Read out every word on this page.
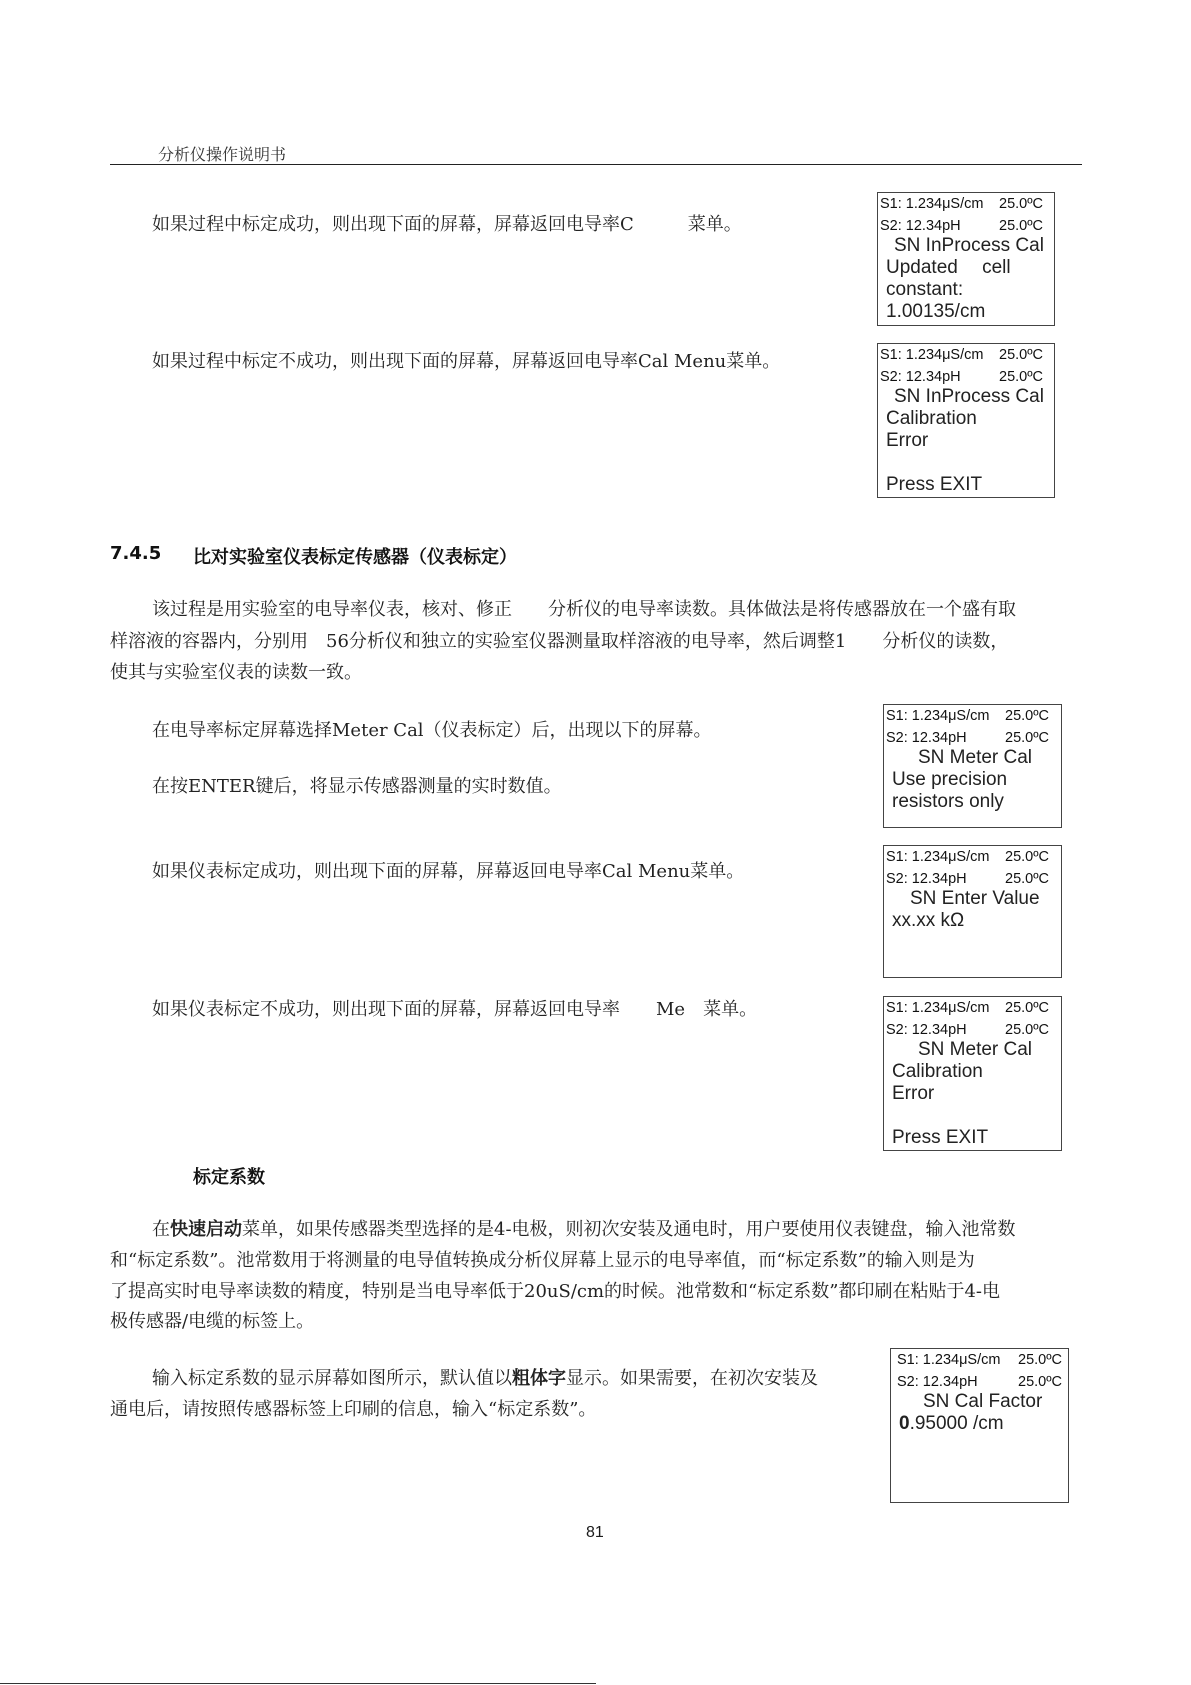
分析仪操作说明书
如果过程中标定成功，则出现下面的屏幕，屏幕返回电导率C　　　菜单。
S1: 1.234μS/cm 25.0ºC
S2: 12.34pH	25.0ºC
SN InProcess Cal
Updated　 cell
constant:
1.00135/cm
如果过程中标定不成功，则出现下面的屏幕，屏幕返回电导率Cal Menu菜单。	S1: 1.234μS/cm 25.0ºC
S2: 12.34pH	25.0ºC
SN InProcess Cal
Calibration
Error
Press EXIT
7.4.5 比对实验室仪表标定传感器（仪表标定）
该过程是用实验室的电导率仪表，核对、修正　　分析仪的电导率读数。具体做法是将传感器放在一个盛有取
样溶液的容器内，分别用　56分析仪和独立的实验室仪器测量取样溶液的电导率，然后调整1　　分析仪的读数，
使其与实验室仪表的读数一致。
在电导率标定屏幕选择Meter Cal（仪表标定）后，出现以下的屏幕。
在按ENTER键后，将显示传感器测量的实时数值。
S1: 1.234μS/cm 25.0ºC
S2: 12.34pH	25.0ºC
SN Meter Cal
Use precision
resistors only
如果仪表标定成功，则出现下面的屏幕，屏幕返回电导率Cal Menu菜单。
S1: 1.234μS/cm 25.0ºC
S2: 12.34pH	25.0ºC
SN Enter Value
xx.xx kΩ
如果仪表标定不成功，则出现下面的屏幕，屏幕返回电导率　　Me　菜单。	S1: 1.234μS/cm 25.0ºC
S2: 12.34pH	25.0ºC
SN Meter Cal
Calibration
Error
Press EXIT
标定系数
在快速启动菜单，如果传感器类型选择的是4-电极，则初次安装及通电时，用户要使用仪表键盘，输入池常数
和“标定系数”。池常数用于将测量的电导值转换成分析仪屏幕上显示的电导率值，而“标定系数”的输入则是为
了提高实时电导率读数的精度，特别是当电导率低于20uS/cm的时候。池常数和“标定系数”都印刷在粘贴于4-电
极传感器/电缆的标签上。
输入标定系数的显示屏幕如图所示，默认值以粗体字显示。如果需要，在初次安装及
通电后，请按照传感器标签上印刷的信息，输入“标定系数”。
S1: 1.234μS/cm 25.0ºC
S2: 12.34pH	25.0ºC
SN Cal Factor
0.95000 /cm
81
